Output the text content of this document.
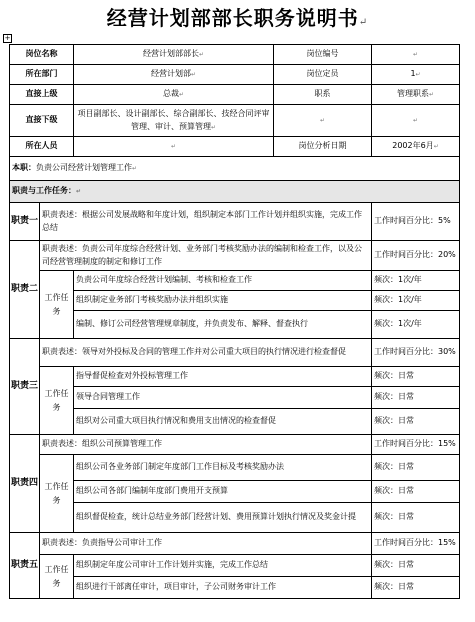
经营计划部部长职务说明书↵
+
岗位名称		经营计划部部长↵	岗位编号	↵
所在部门		经营计划部↵	岗位定员	1↵
直接上级		总裁↵	职系	管理职系↵
直接下级		项目副部长、设计副部长、综合副部长、技经合同评审管理、审计、预算管理↵	↵	↵
所在人员		↵	岗位分析日期	2002年6月↵
本职：负责公司经营计划管理工作↵				
职责与工作任务：↵				
职责一	职责表述：根据公司发展战略和年度计划，组织制定本部门工作计划并组织实施，完成工作总结			工作时间百分比：5%
职责二	职责表述：负责公司年度综合经营计划、业务部门考核奖励办法的编制和检查工作，以及公司经营管理制度的制定和修订工作			工作时间百分比：20%
	工作任务	负责公司年度综合经营计划编制、考核和检查工作		频次：1次/年
		组织制定业务部门考核奖励办法并组织实施		频次：1次/年
		编制、修订公司经营管理规章制度，并负责发布、解释、督查执行		频次：1次/年
职责三	职责表述：领导对外投标及合同的管理工作并对公司重大项目的执行情况进行检查督促			工作时间百分比：30%
	工作任务	指导督促检查对外投标管理工作		频次：日常
		领导合同管理工作		频次：日常
		组织对公司重大项目执行情况和费用支出情况的检查督促		频次：日常
职责四	职责表述：组织公司预算管理工作			工作时间百分比：15%
	工作任务	组织公司各业务部门制定年度部门工作目标及考核奖励办法		频次：日常
		组织公司各部门编制年度部门费用开支预算		频次：日常
		组织督促检查，统计总结业务部门经营计划、费用预算计划执行情况及奖金计提		频次：日常
职责五	职责表述：负责指导公司审计工作			工作时间百分比：15%
	工作任务	组织制定年度公司审计工作计划并实施，完成工作总结		频次：日常
		组织进行干部离任审计，项目审计，子公司财务审计工作		频次：日常
